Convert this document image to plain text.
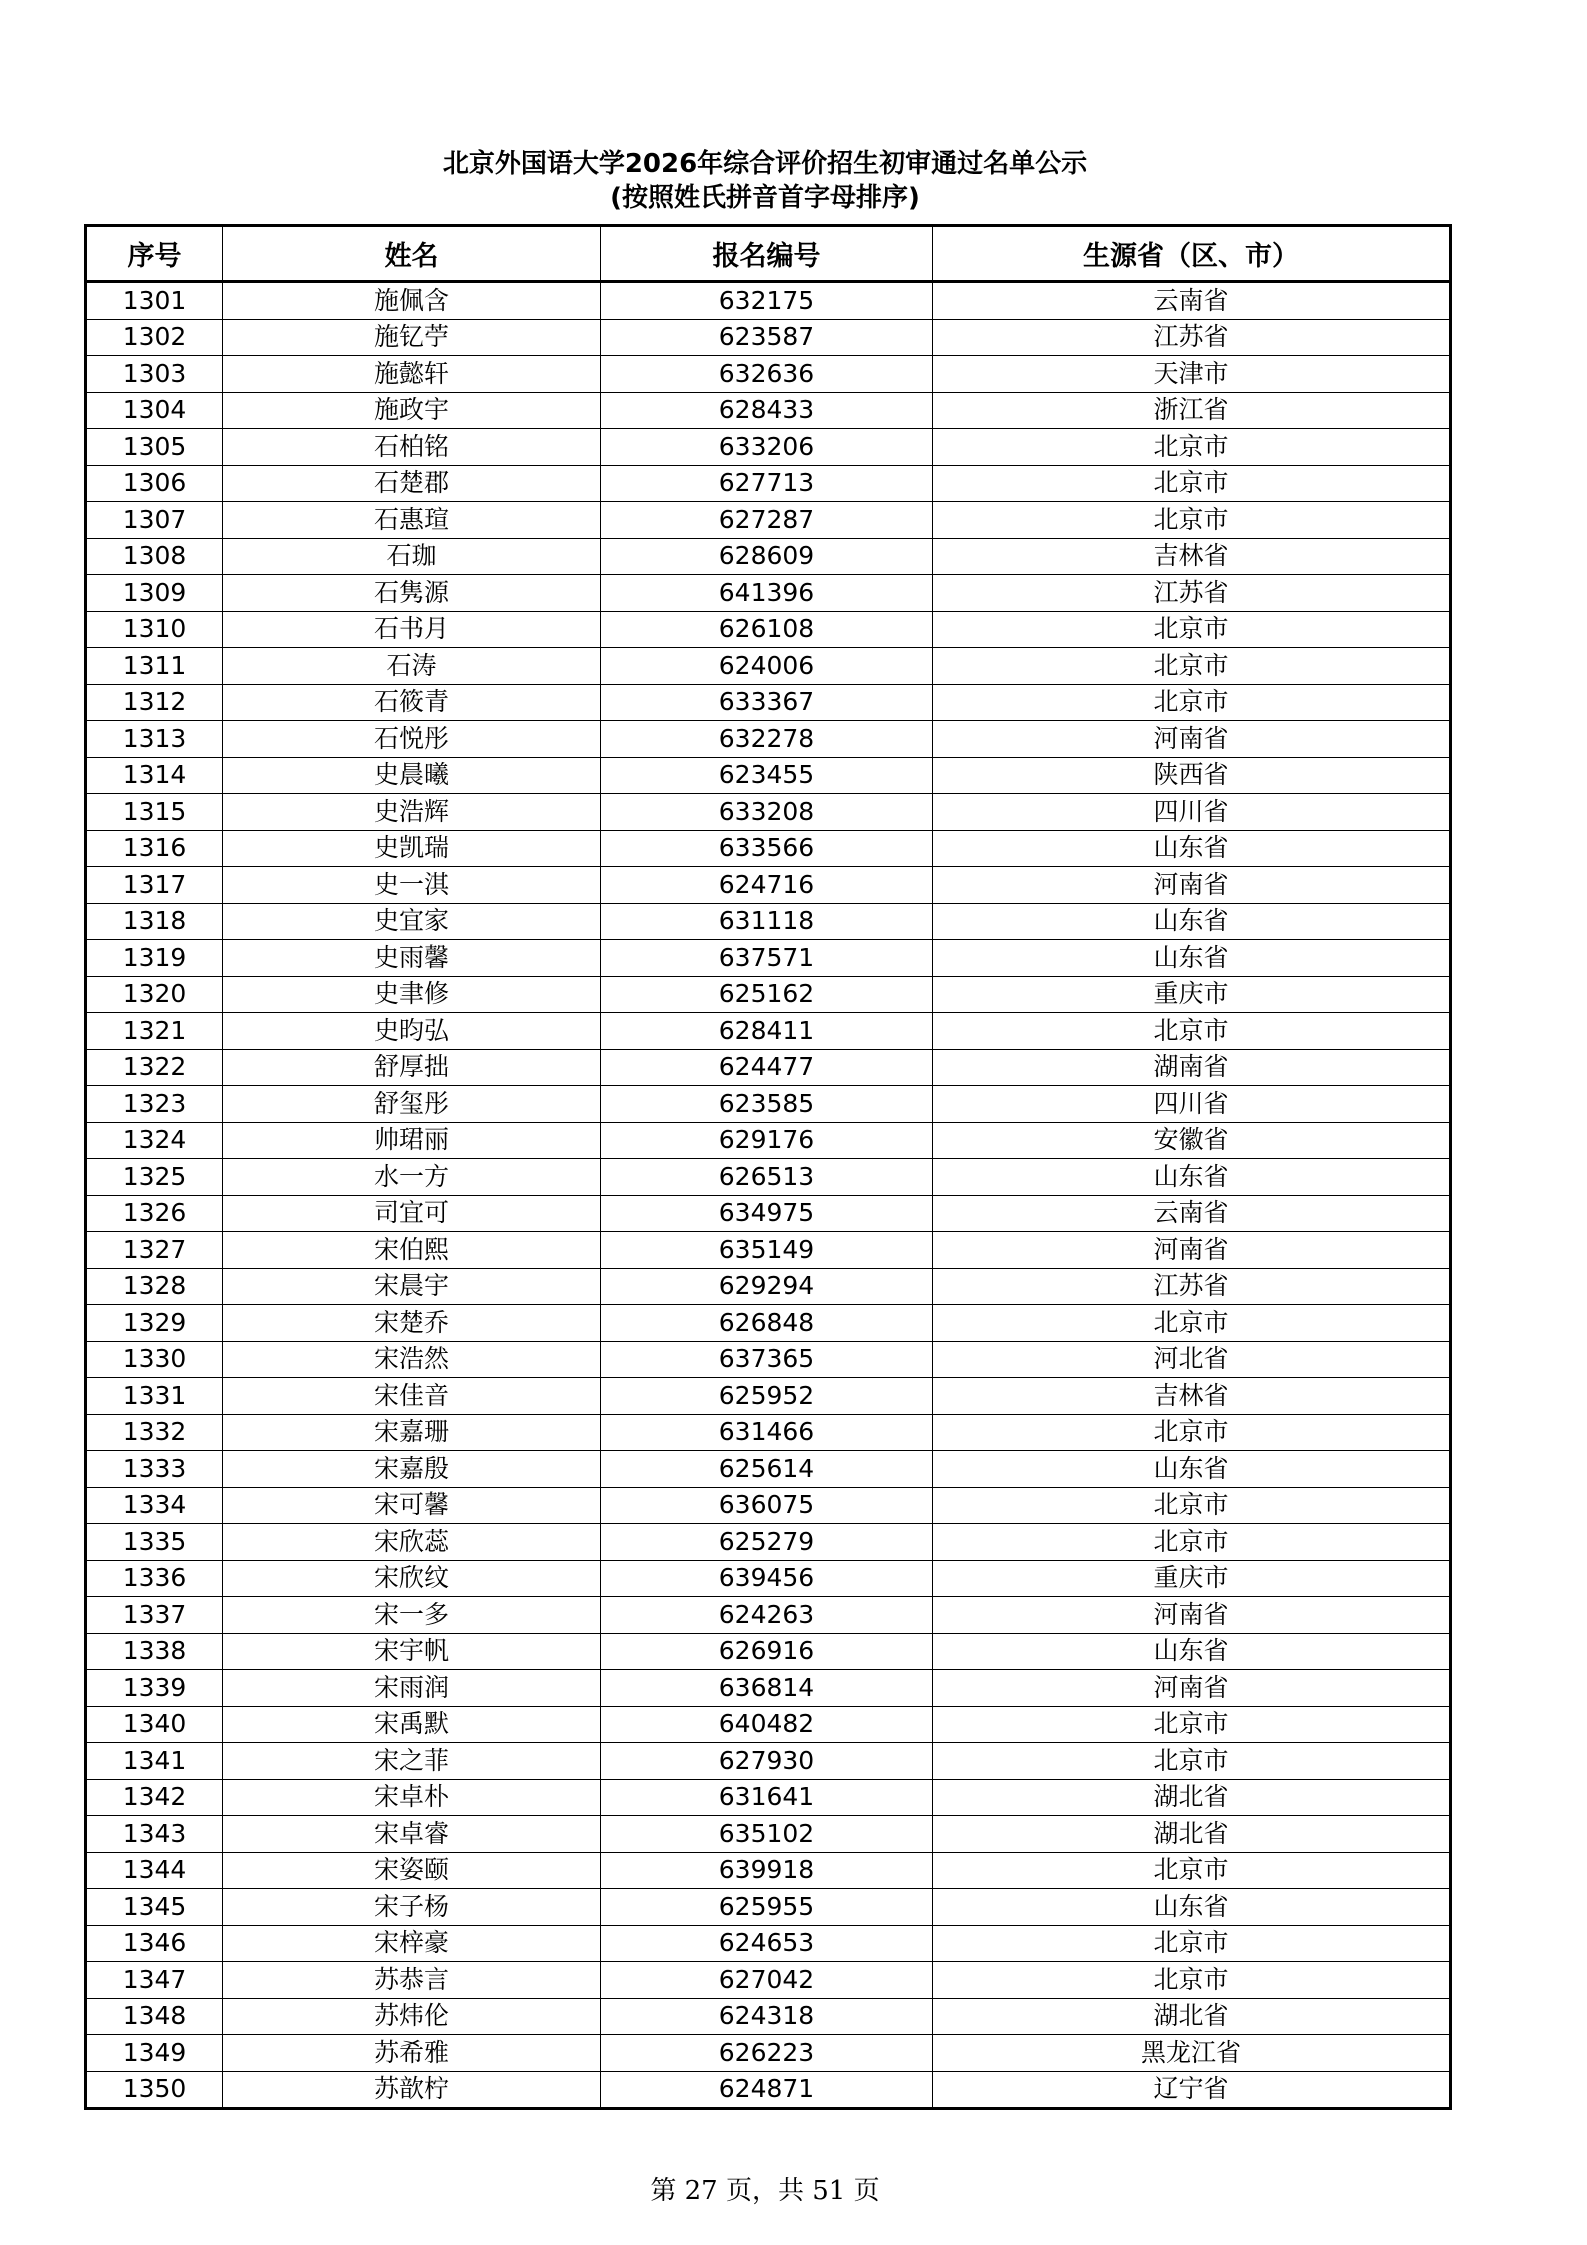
北京外国语大学2026年综合评价招生初审通过名单公示
(按照姓氏拼音首字母排序)
序号	姓名	报名编号	生源省（区、市）
1301	施佩含	632175	云南省
1302	施钇苧	623587	江苏省
1303	施懿轩	632636	天津市
1304	施政宇	628433	浙江省
1305	石柏铭	633206	北京市
1306	石楚郡	627713	北京市
1307	石惠瑄	627287	北京市
1308	石珈	628609	吉林省
1309	石隽源	641396	江苏省
1310	石书月	626108	北京市
1311	石涛	624006	北京市
1312	石筱青	633367	北京市
1313	石悦彤	632278	河南省
1314	史晨曦	623455	陕西省
1315	史浩辉	633208	四川省
1316	史凯瑞	633566	山东省
1317	史一淇	624716	河南省
1318	史宜家	631118	山东省
1319	史雨馨	637571	山东省
1320	史聿修	625162	重庆市
1321	史昀弘	628411	北京市
1322	舒厚拙	624477	湖南省
1323	舒玺彤	623585	四川省
1324	帅珺丽	629176	安徽省
1325	水一方	626513	山东省
1326	司宜可	634975	云南省
1327	宋伯熙	635149	河南省
1328	宋晨宇	629294	江苏省
1329	宋楚乔	626848	北京市
1330	宋浩然	637365	河北省
1331	宋佳音	625952	吉林省
1332	宋嘉珊	631466	北京市
1333	宋嘉殷	625614	山东省
1334	宋可馨	636075	北京市
1335	宋欣蕊	625279	北京市
1336	宋欣纹	639456	重庆市
1337	宋一多	624263	河南省
1338	宋宇帆	626916	山东省
1339	宋雨润	636814	河南省
1340	宋禹默	640482	北京市
1341	宋之菲	627930	北京市
1342	宋卓朴	631641	湖北省
1343	宋卓睿	635102	湖北省
1344	宋姿颐	639918	北京市
1345	宋子杨	625955	山东省
1346	宋梓豪	624653	北京市
1347	苏恭言	627042	北京市
1348	苏炜伦	624318	湖北省
1349	苏希雅	626223	黑龙江省
1350	苏歆柠	624871	辽宁省
第 27 页，共 51 页
